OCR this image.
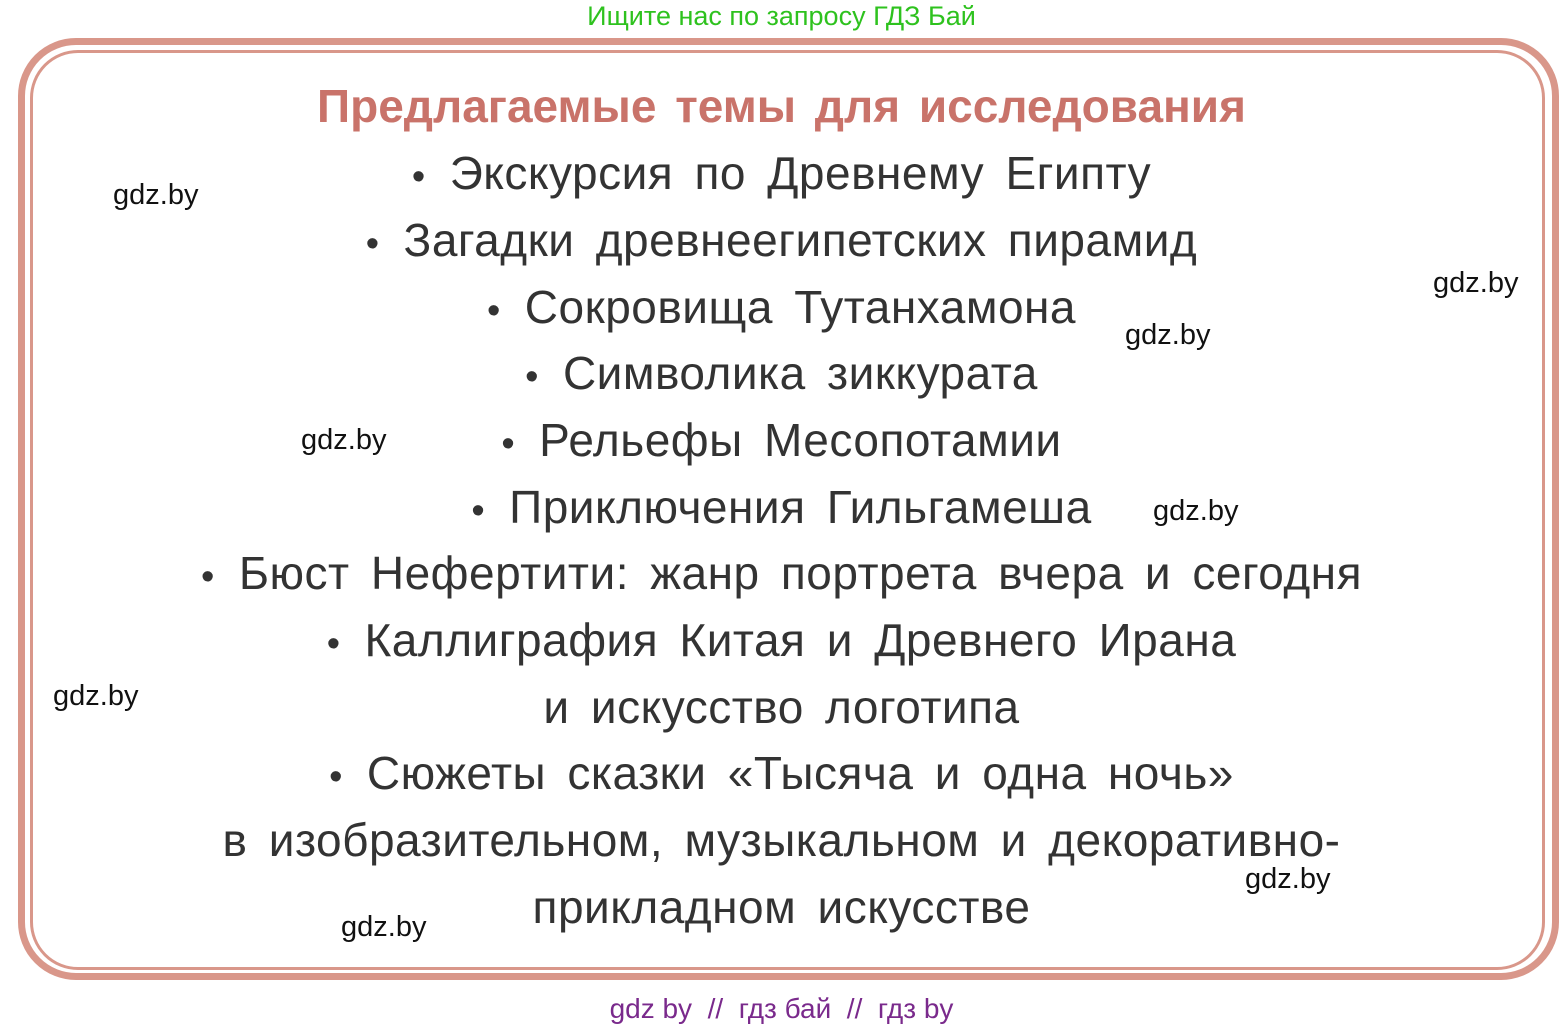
Ищите нас по запросу ГДЗ Бай
Предлагаемые темы для исследования
• Экскурсия по Древнему Египту
• Загадки древнеегипетских пирамид
• Сокровища Тутанхамона
• Символика зиккурата
• Рельефы Месопотамии
• Приключения Гильгамеша
• Бюст Нефертити: жанр портрета вчера и сегодня
• Каллиграфия Китая и Древнего Ирана
и искусство логотипа
• Сюжеты сказки «Тысяча и одна ночь»
в изобразительном, музыкальном и декоративно-
прикладном искусстве
gdz.by
gdz.by
gdz.by
gdz.by
gdz.by
gdz.by
gdz.by
gdz.by
gdz by  //  гдз бай  //  гдз by
